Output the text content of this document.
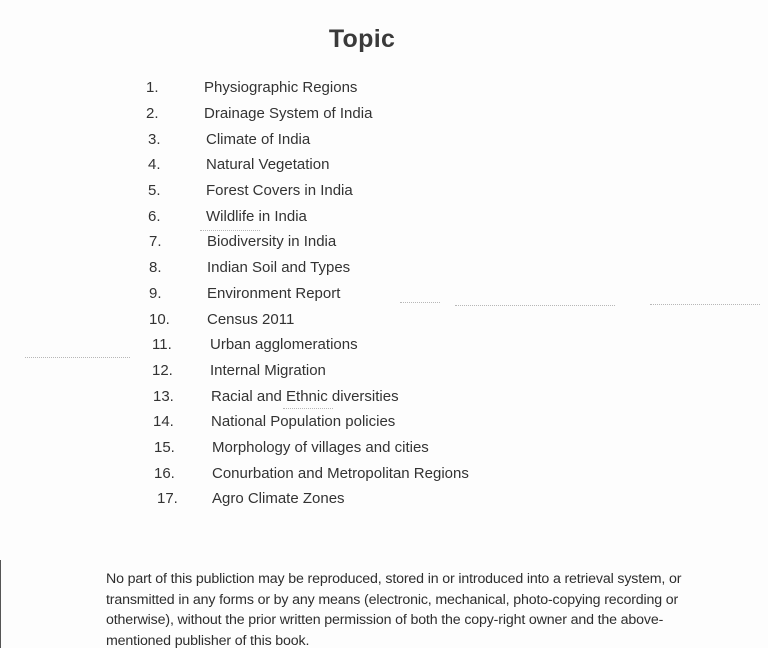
Topic
1.	Physiographic Regions
2.	Drainage System of India
3.	Climate of India
4.	Natural Vegetation
5.	Forest Covers in India
6.	Wildlife in India
7.	Biodiversity in India
8.	Indian Soil and Types
9.	Environment Report
10.	Census 2011
11.	Urban agglomerations
12.	Internal Migration
13.	Racial and Ethnic diversities
14.	National Population policies
15.	Morphology of villages and cities
16.	Conurbation and Metropolitan Regions
17.	Agro Climate Zones

No part of this publiction may be reproduced, stored in or introduced into a retrieval system, or transmitted in any forms or by any means (electronic, mechanical, photo-copying recording or otherwise), without the prior written permission of both the copy-right owner and the above-mentioned publisher of this book.
